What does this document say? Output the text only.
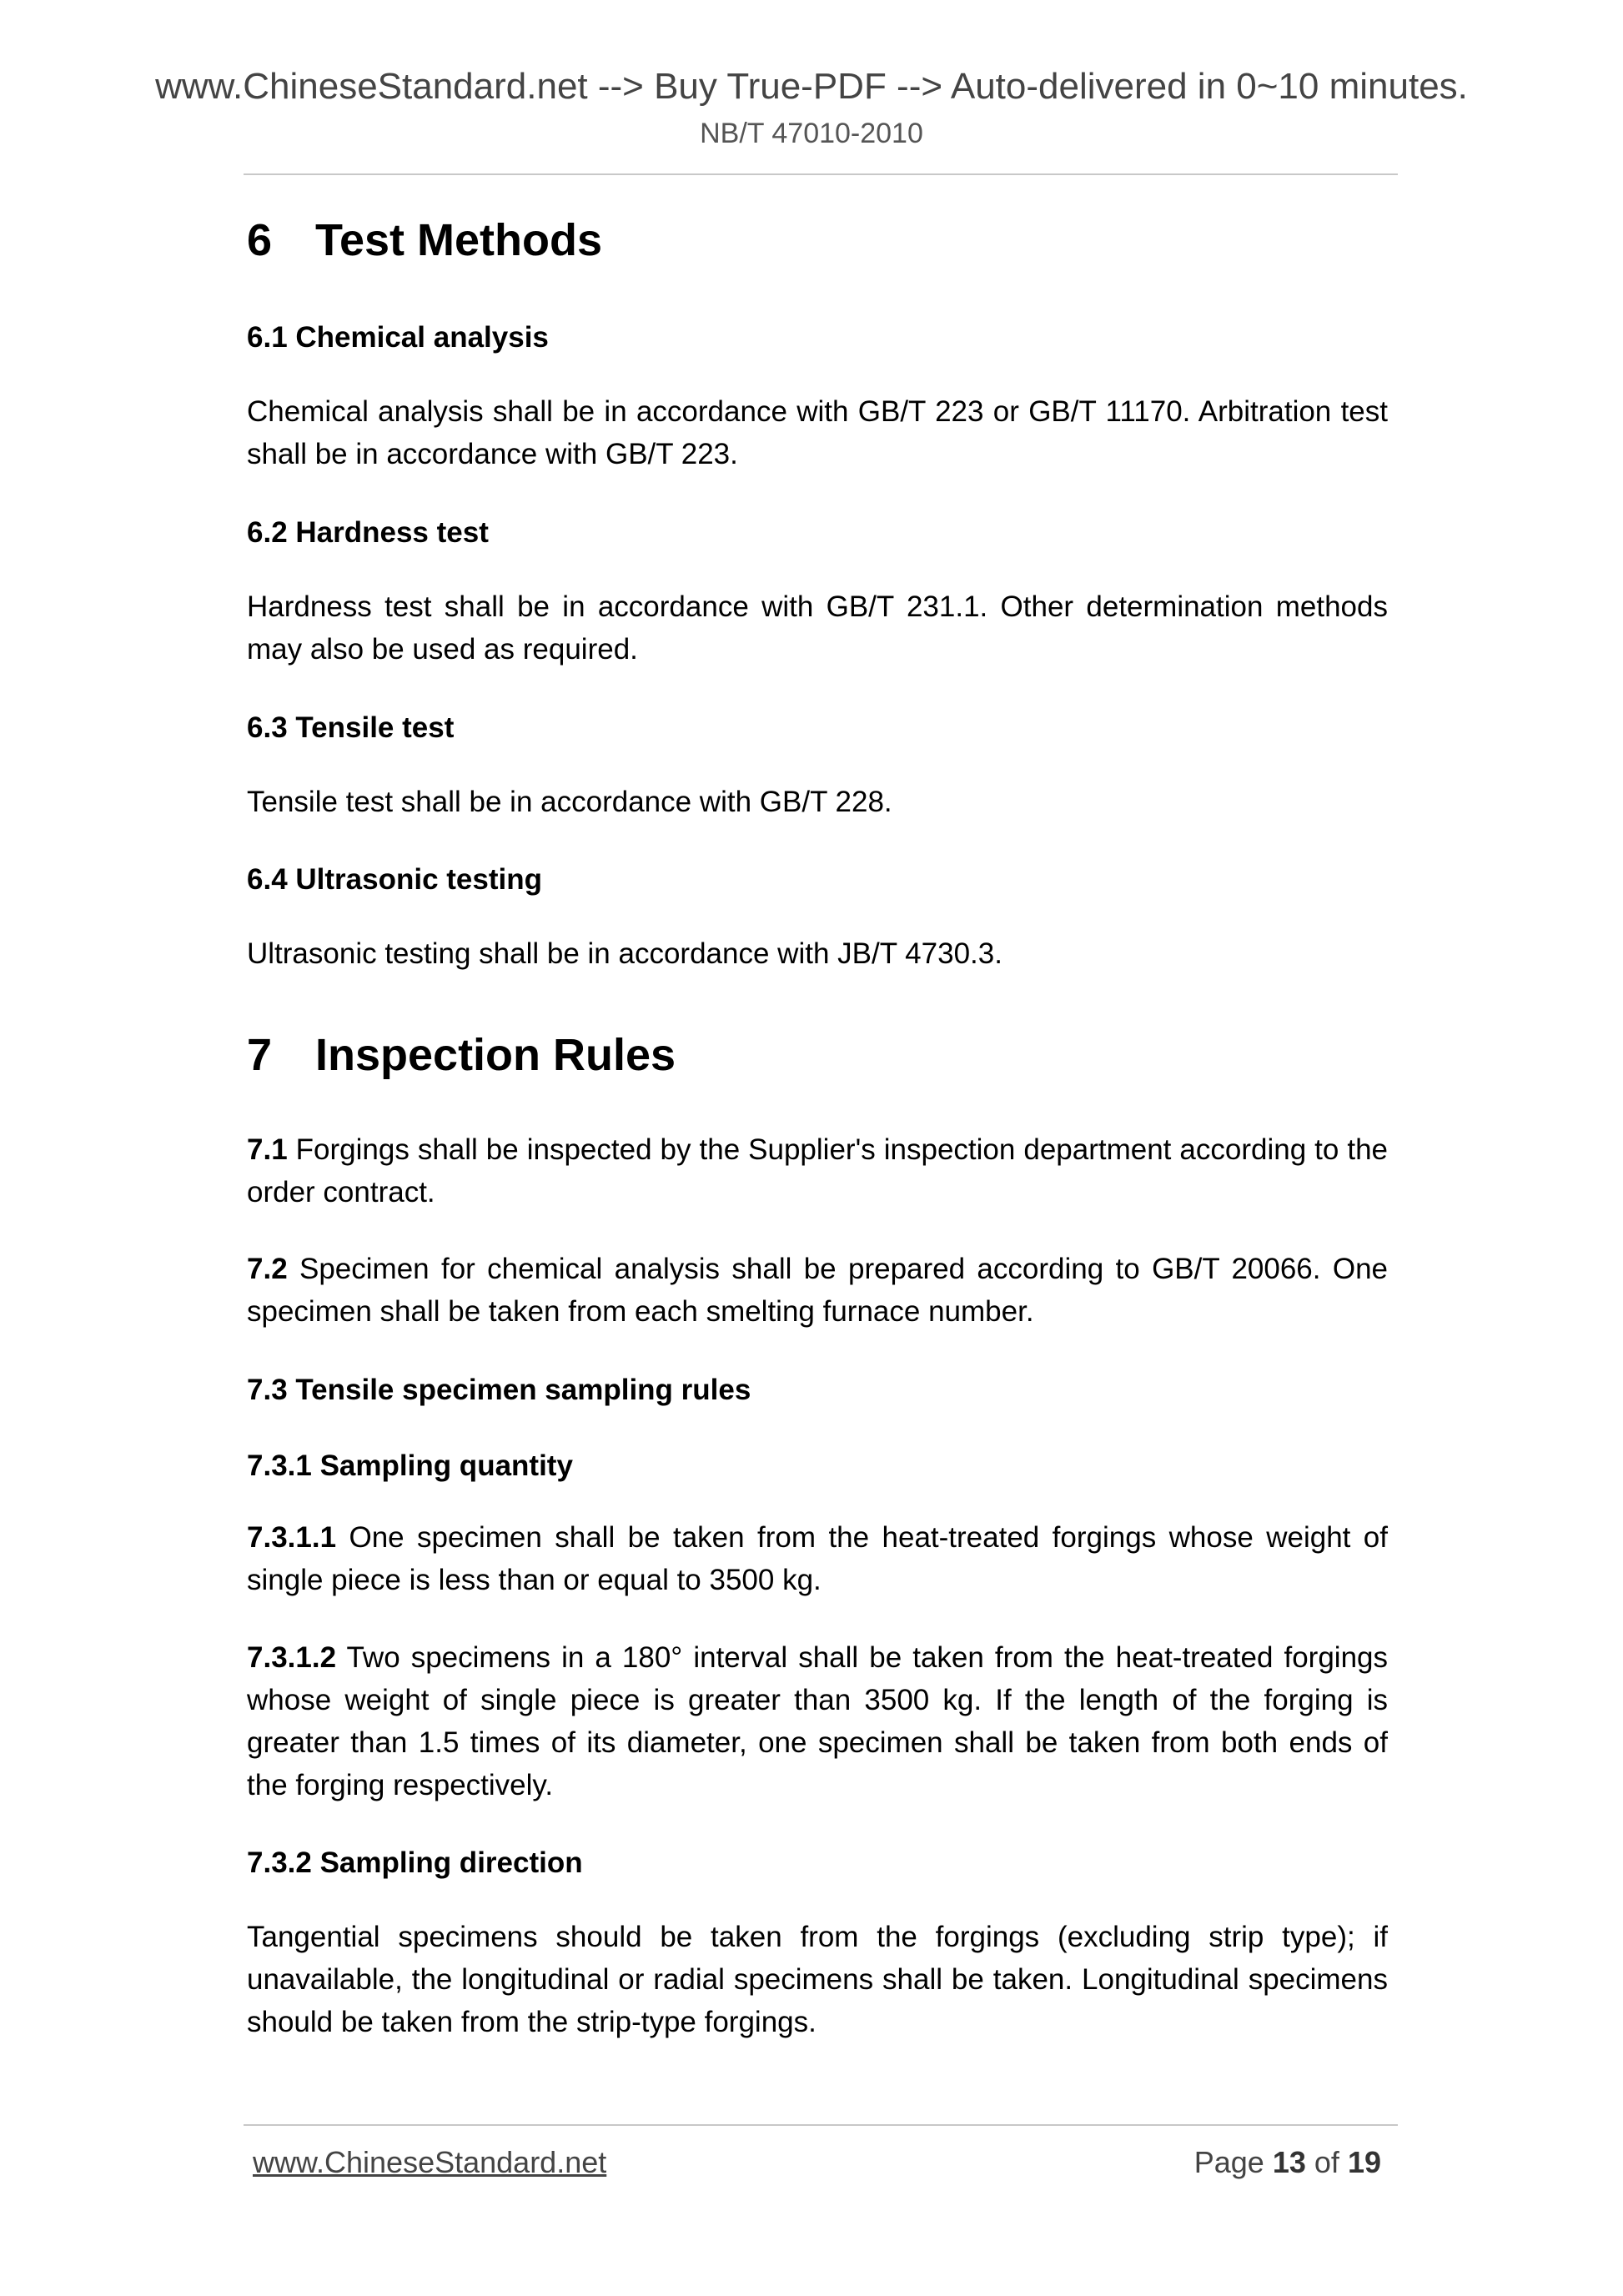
www.ChineseStandard.net --> Buy True-PDF --> Auto-delivered in 0~10 minutes.
NB/T 47010-2010
6 Test Methods
6.1 Chemical analysis
Chemical analysis shall be in accordance with GB/T 223 or GB/T 11170. Arbitration test shall be in accordance with GB/T 223.
6.2 Hardness test
Hardness test shall be in accordance with GB/T 231.1. Other determination methods may also be used as required.
6.3 Tensile test
Tensile test shall be in accordance with GB/T 228.
6.4 Ultrasonic testing
Ultrasonic testing shall be in accordance with JB/T 4730.3.
7 Inspection Rules
7.1 Forgings shall be inspected by the Supplier's inspection department according to the order contract.
7.2 Specimen for chemical analysis shall be prepared according to GB/T 20066. One specimen shall be taken from each smelting furnace number.
7.3 Tensile specimen sampling rules
7.3.1 Sampling quantity
7.3.1.1 One specimen shall be taken from the heat-treated forgings whose weight of single piece is less than or equal to 3500 kg.
7.3.1.2 Two specimens in a 180° interval shall be taken from the heat-treated forgings whose weight of single piece is greater than 3500 kg. If the length of the forging is greater than 1.5 times of its diameter, one specimen shall be taken from both ends of the forging respectively.
7.3.2 Sampling direction
Tangential specimens should be taken from the forgings (excluding strip type); if unavailable, the longitudinal or radial specimens shall be taken. Longitudinal specimens should be taken from the strip-type forgings.
www.ChineseStandard.net	Page 13 of 19
